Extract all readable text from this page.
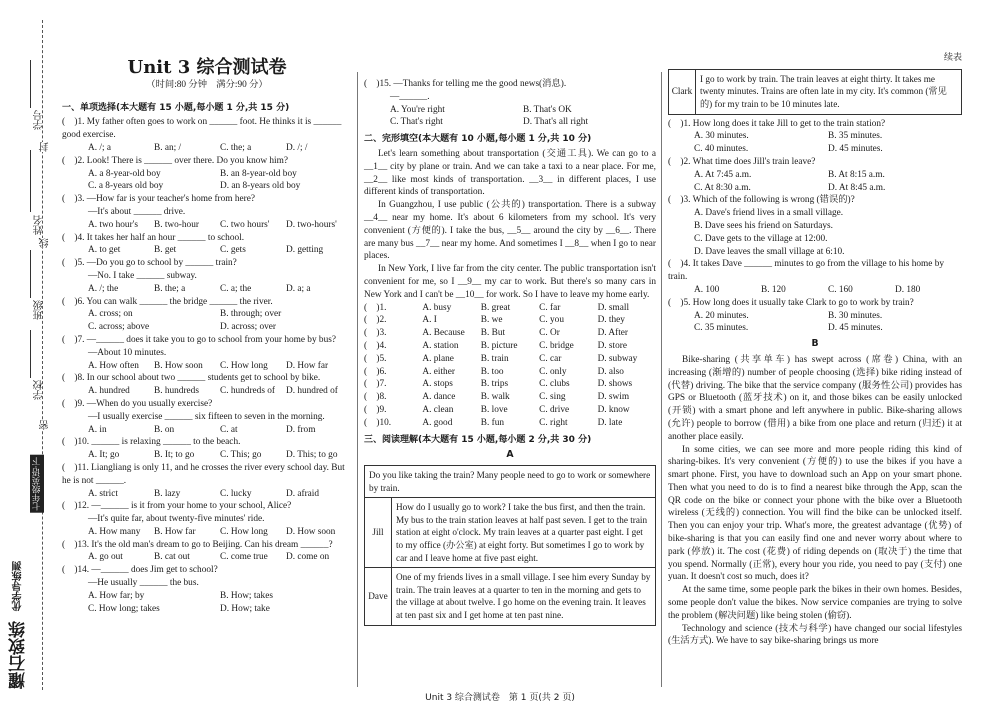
学号
姓名
班级
学校
封
线
密
七年级英语·下
耀石致练 优学导练测
Unit 3 综合测试卷
（时间:80 分钟　满分:90 分）
一、单项选择(本大题有 15 小题,每小题 1 分,共 15 分)
(　)1. My father often goes to work on ______ foot. He thinks it is ______ good exercise.
A. /; a	B. an; /	C. the; a	D. /; /
(　)2. Look! There is ______ over there. Do you know him?
A. a 8-year-old boy	B. an 8-year-old boy
C. a 8-years old boy	D. an 8-years old boy
(　)3. —How far is your teacher's home from here?
—It's about ______ drive.
A. two hour's	B. two-hour	C. two hours'	D. two-hours'
(　)4. It takes her half an hour ______ to school.
A. to get	B. get	C. gets	D. getting
(　)5. —Do you go to school by ______ train?
—No. I take ______ subway.
A. /; the	B. the; a	C. a; the	D. a; a
(　)6. You can walk ______ the bridge ______ the river.
A. cross; on	B. through; over
C. across; above	D. across; over
(　)7. —______ does it take you to go to school from your home by bus?
—About 10 minutes.
A. How often	B. How soon	C. How long	D. How far
(　)8. In our school about two ______ students get to school by bike.
A. hundred	B. hundreds	C. hundreds of	D. hundred of
(　)9. —When do you usually exercise?
—I usually exercise ______ six fifteen to seven in the morning.
A. in	B. on	C. at	D. from
(　)10. ______ is relaxing ______ to the beach.
A. It; go	B. It; to go	C. This; go	D. This; to go
(　)11. Liangliang is only 11, and he crosses the river every school day. But he is not ______.
A. strict	B. lazy	C. lucky	D. afraid
(　)12. —______ is it from your home to your school, Alice?
—It's quite far, about twenty-five minutes' ride.
A. How many	B. How far	C. How long	D. How soon
(　)13. It's the old man's dream to go to Beijing. Can his dream ______?
A. go out	B. cat out	C. come true	D. come on
(　)14. —______ does Jim get to school?
—He usually ______ the bus.
A. How far; by	B. How; takes
C. How long; takes	D. How; take
(　)15. —Thanks for telling me the good news(消息).
—______.
A. You're right	B. That's OK
C. That's right	D. That's all right
二、完形填空(本大题有 10 小题,每小题 1 分,共 10 分)

Let's learn something about transportation (交通工具). We can go to a __1__ city by plane or train. And we can take a taxi to a near place. For me, __2__ like most kinds of transportation. __3__ in different places, I use different kinds of transportation.

In Guangzhou, I use public (公共的) transportation. There is a subway __4__ near my home. It's about 6 kilometers from my school. It's very convenient (方便的). I take the bus, __5__ around the city by __6__. There are many bus __7__ near my home. And sometimes I __8__ when I go to near places.

In New York, I live far from the city center. The public transportation isn't convenient for me, so I __9__ my car to work. But there's so many cars in New York and I can't be __10__ for work. So I have to leave my home early.

(　)1.	A. busy	B. great	C. far	D. small
(　)2.	A. I	B. we	C. you	D. they
(　)3.	A. Because	B. But	C. Or	D. After
(　)4.	A. station	B. picture	C. bridge	D. store
(　)5.	A. plane	B. train	C. car	D. subway
(　)6.	A. either	B. too	C. only	D. also
(　)7.	A. stops	B. trips	C. clubs	D. shows
(　)8.	A. dance	B. walk	C. sing	D. swim
(　)9.	A. clean	B. love	C. drive	D. know
(　)10.	A. good	B. fun	C. right	D. late
三、阅读理解(本大题有 15 小题,每小题 2 分,共 30 分)
A
Do you like taking the train? Many people need to go to work or somewhere by train.	
Jill	How do I usually go to work? I take the bus first, and then the train. My bus to the train station leaves at half past seven. I get to the train station at eight o'clock. My train leaves at a quarter past eight. I get to my office (办公室) at eight forty. But sometimes I go to work by car and I leave home at five past eight.
Dave	One of my friends lives in a small village. I see him every Sunday by train. The train leaves at a quarter to ten in the morning and gets to the village at about twelve. I go home on the evening train. It leaves at ten past six and I get home at ten past nine.
续表
Clark	I go to work by train. The train leaves at eight thirty. It takes me twenty minutes. Trains are often late in my city. It's common (常见的) for my train to be 10 minutes late.
(　)1. How long does it take Jill to get to the train station?
A. 30 minutes.	B. 35 minutes.
C. 40 minutes.	D. 45 minutes.
(　)2. What time does Jill's train leave?
A. At 7:45 a.m.	B. At 8:15 a.m.
C. At 8:30 a.m.	D. At 8:45 a.m.
(　)3. Which of the following is wrong (错误的)?
A. Dave's friend lives in a small village.
B. Dave sees his friend on Saturdays.
C. Dave gets to the village at 12:00.
D. Dave leaves the small village at 6:10.
(　)4. It takes Dave ______ minutes to go from the village to his home by train.
A. 100	B. 120	C. 160	D. 180
(　)5. How long does it usually take Clark to go to work by train?
A. 20 minutes.	B. 30 minutes.
C. 35 minutes.	D. 45 minutes.
B

Bike-sharing (共享单车) has swept across (席卷) China, with an increasing (渐增的) number of people choosing (选择) bike riding instead of (代替) driving. The bike that the service company (服务性公司) provides has GPS or Bluetooth (蓝牙技术) on it, and those bikes can be easily unlocked (开锁) with a smart phone and left anywhere in public. Bike-sharing allows (允许) people to borrow (借用) a bike from one place and return (归还) it at another place easily.

In some cities, we can see more and more people riding this kind of sharing-bikes. It's very convenient (方便的) to use the bikes if you have a smart phone. First, you have to download such an App on your smart phone. Then what you need to do is to find a nearest bike through the App, scan the QR code on the bike or connect your phone with the bike over a Bluetooth wireless (无线的) connection. You will find the bike can be unlocked itself. Then you can enjoy your trip. What's more, the greatest advantage (优势) of bike-sharing is that you can easily find one and never worry about where to park (停放) it. The cost (花费) of riding depends on (取决于) the time that you spend. Normally (正常), every hour you ride, you need to pay (支付) one yuan. It doesn't cost so much, does it?

At the same time, some people park the bikes in their own homes. Besides, some people don't value the bikes. Now service companies are trying to solve the problem (解决问题) like being stolen (偷窃).

Technology and science (技术与科学) have changed our social lifestyles (生活方式). We have to say bike-sharing brings us more

Unit 3 综合测试卷　第 1 页(共 2 页)
